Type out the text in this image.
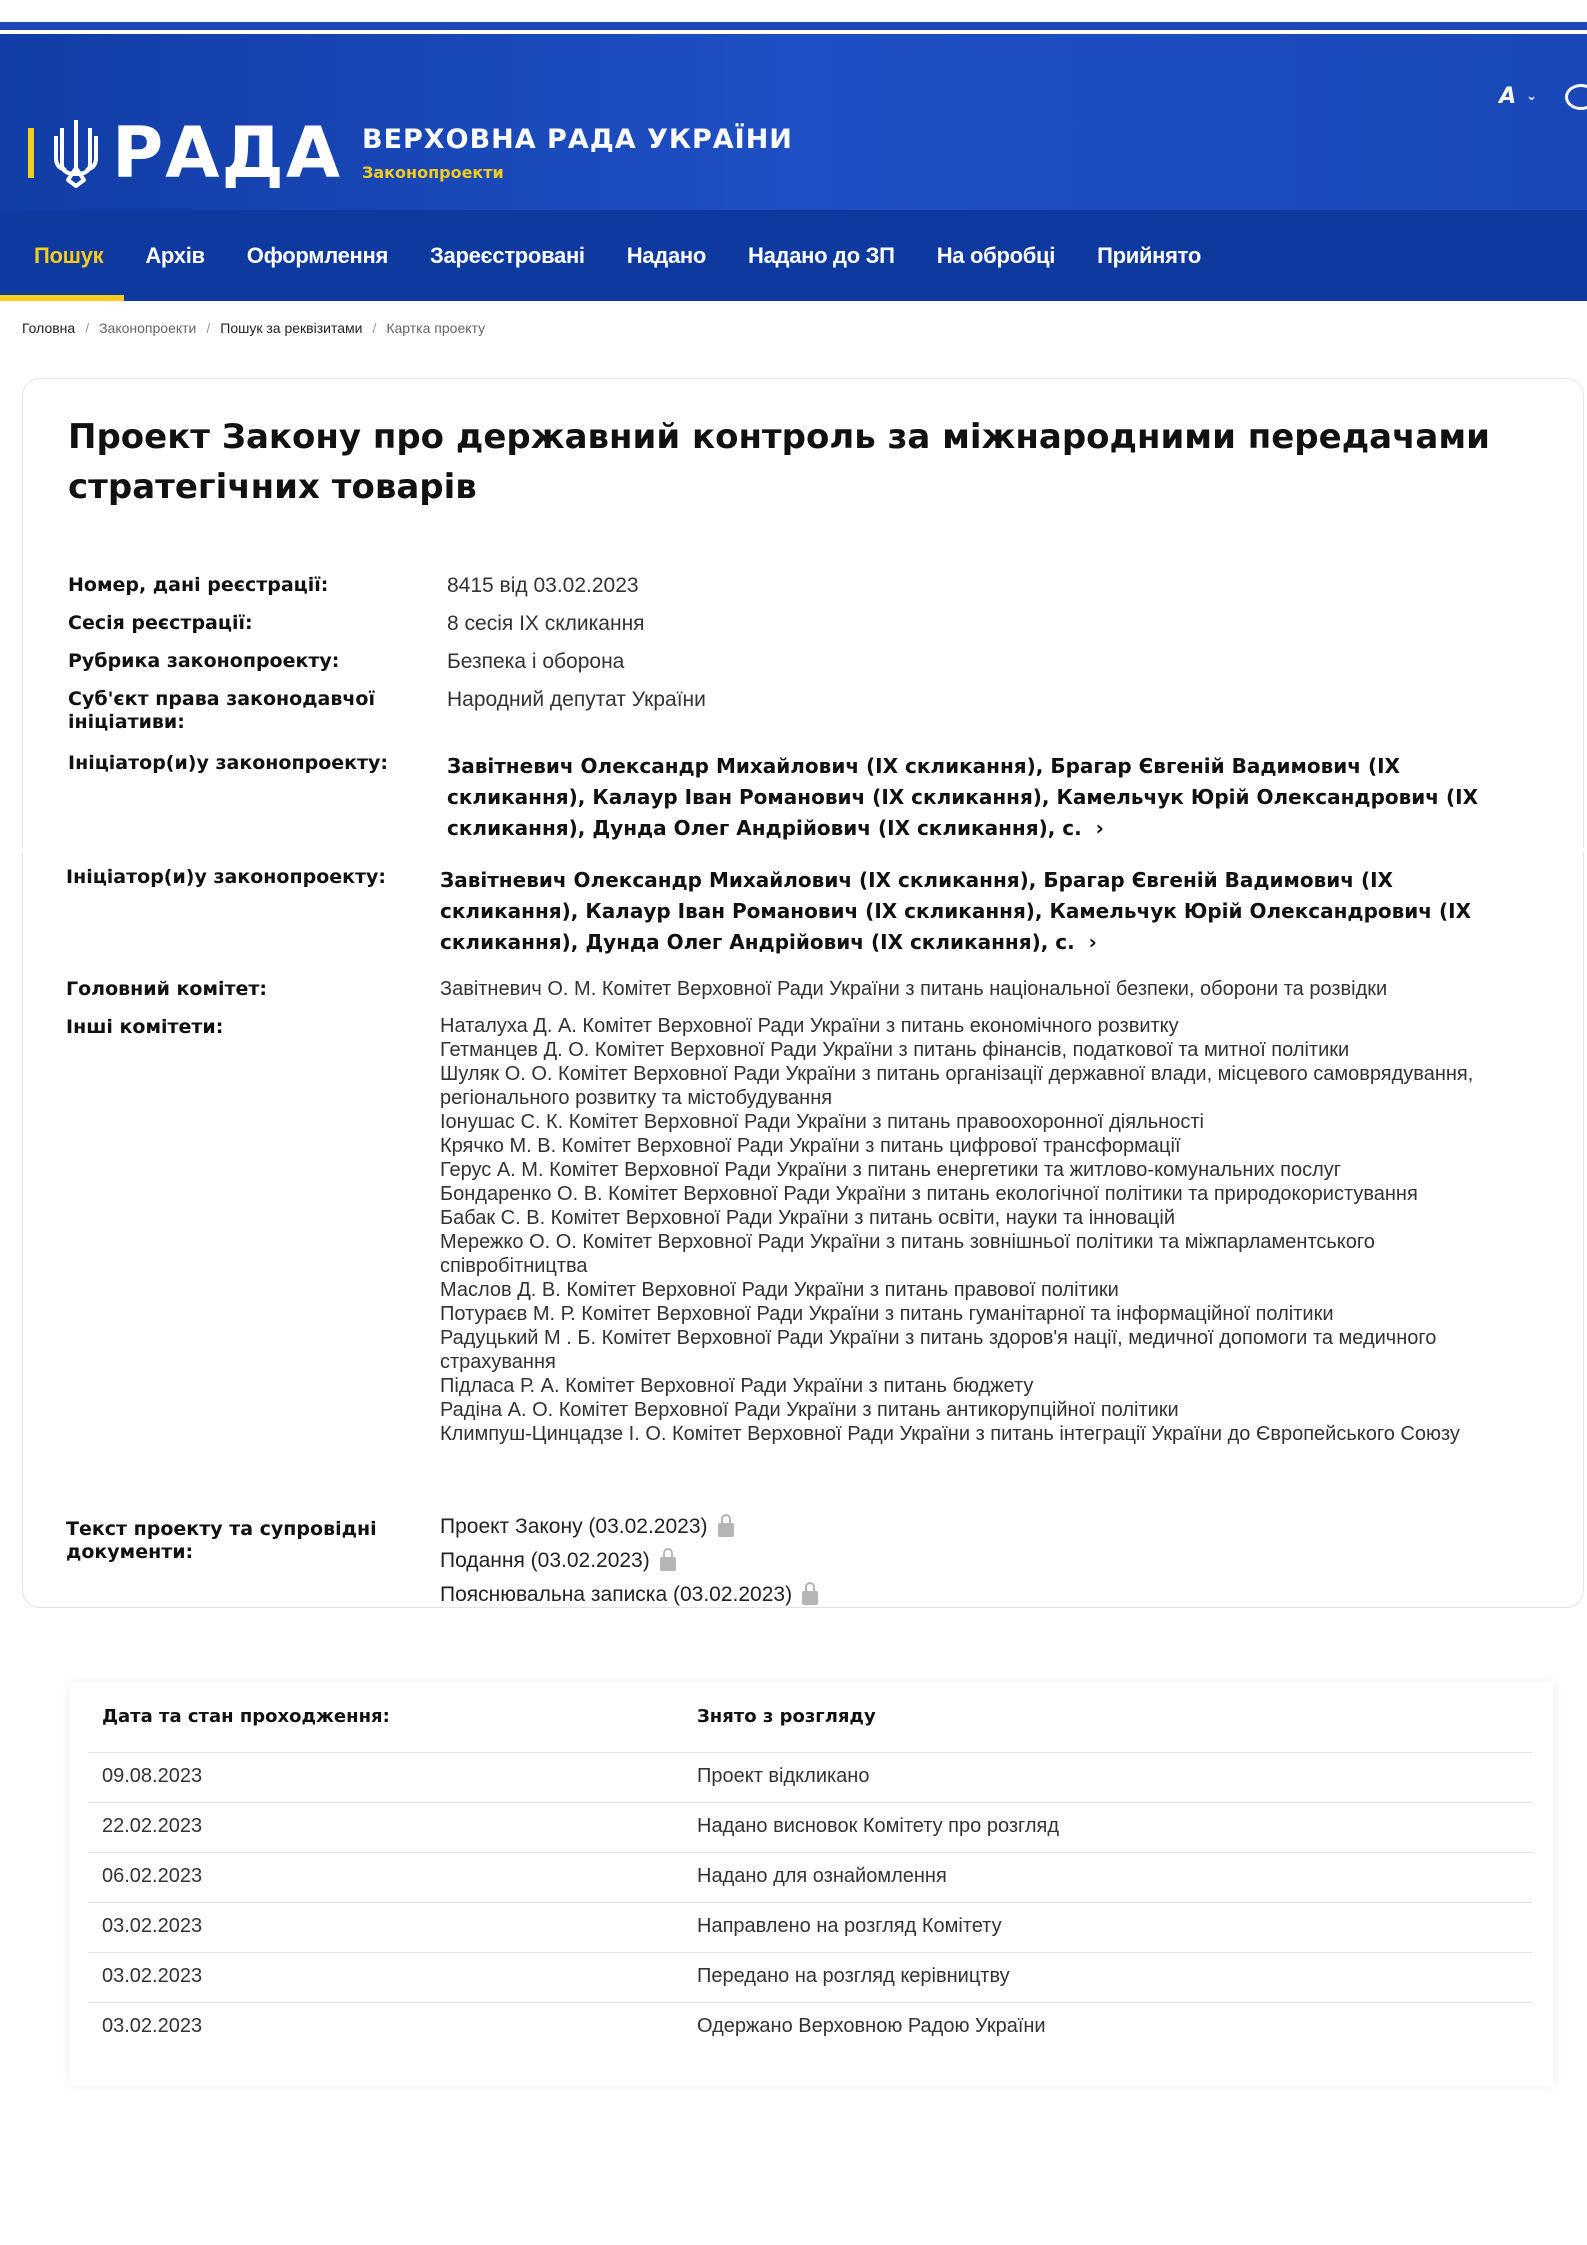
РАДА ВЕРХОВНА РАДА УКРАЇНИ
Законопроекти
А ⌄
Пошук	Архів	Оформлення	Зареєстровані	Надано	Надано до ЗП	На обробці	Прийнято
Головна / Законопроекти / Пошук за реквізитами / Картка проекту
Проект Закону про державний контроль за міжнародними передачами стратегічних товарів
Номер, дані реєстрації:	8415 від 03.02.2023
Сесія реєстрації:	8 сесія IX скликання
Рубрика законопроекту:	Безпека і оборона
Суб'єкт права законодавчої ініціативи:
Народний депутат України
Ініціатор(и)у законопроекту:	Завітневич Олександр Михайлович (IX скликання), Брагар Євгеній Вадимович (IX скликання), Калаур Іван Романович (IX скликання), Камельчук Юрій Олександрович (IX скликання), Дунда Олег Андрійович (IX скликання), с.  ›
Ініціатор(и)у законопроекту:	Завітневич Олександр Михайлович (IX скликання), Брагар Євгеній Вадимович (IX скликання), Калаур Іван Романович (IX скликання), Камельчук Юрій Олександрович (IX скликання), Дунда Олег Андрійович (IX скликання), с.  ›
Головний комітет:	Завітневич О. М. Комітет Верховної Ради України з питань національної безпеки, оборони та розвідки
Інші комітети:	Наталуха Д. А. Комітет Верховної Ради України з питань економічного розвитку
Гетманцев Д. О. Комітет Верховної Ради України з питань фінансів, податкової та митної політики
Шуляк О. О. Комітет Верховної Ради України з питань організації державної влади, місцевого самоврядування, регіонального розвитку та містобудування
Іонушас С. К. Комітет Верховної Ради України з питань правоохоронної діяльності
Крячко М. В. Комітет Верховної Ради України з питань цифрової трансформації
Герус А. М. Комітет Верховної Ради України з питань енергетики та житлово-комунальних послуг
Бондаренко О. В. Комітет Верховної Ради України з питань екологічної політики та природокористування
Бабак С. В. Комітет Верховної Ради України з питань освіти, науки та інновацій
Мережко О. О. Комітет Верховної Ради України з питань зовнішньої політики та міжпарламентського співробітництва
Маслов Д. В. Комітет Верховної Ради України з питань правової політики
Потураєв М. Р. Комітет Верховної Ради України з питань гуманітарної та інформаційної політики
Радуцький М . Б. Комітет Верховної Ради України з питань здоров'я нації, медичної допомоги та медичного страхування
Підласа Р. А. Комітет Верховної Ради України з питань бюджету
Радіна А. О. Комітет Верховної Ради України з питань антикорупційної політики
Климпуш-Цинцадзе І. О. Комітет Верховної Ради України з питань інтеграції України до Європейського Союзу
Текст проекту та супровідні документи:
Проект Закону (03.02.2023)
Подання (03.02.2023)
Пояснювальна записка (03.02.2023)
Дата та стан проходження:	Знято з розгляду
09.08.2023	Проект відкликано
22.02.2023	Надано висновок Комітету про розгляд
06.02.2023	Надано для ознайомлення
03.02.2023	Направлено на розгляд Комітету
03.02.2023	Передано на розгляд керівництву
03.02.2023	Одержано Верховною Радою України
